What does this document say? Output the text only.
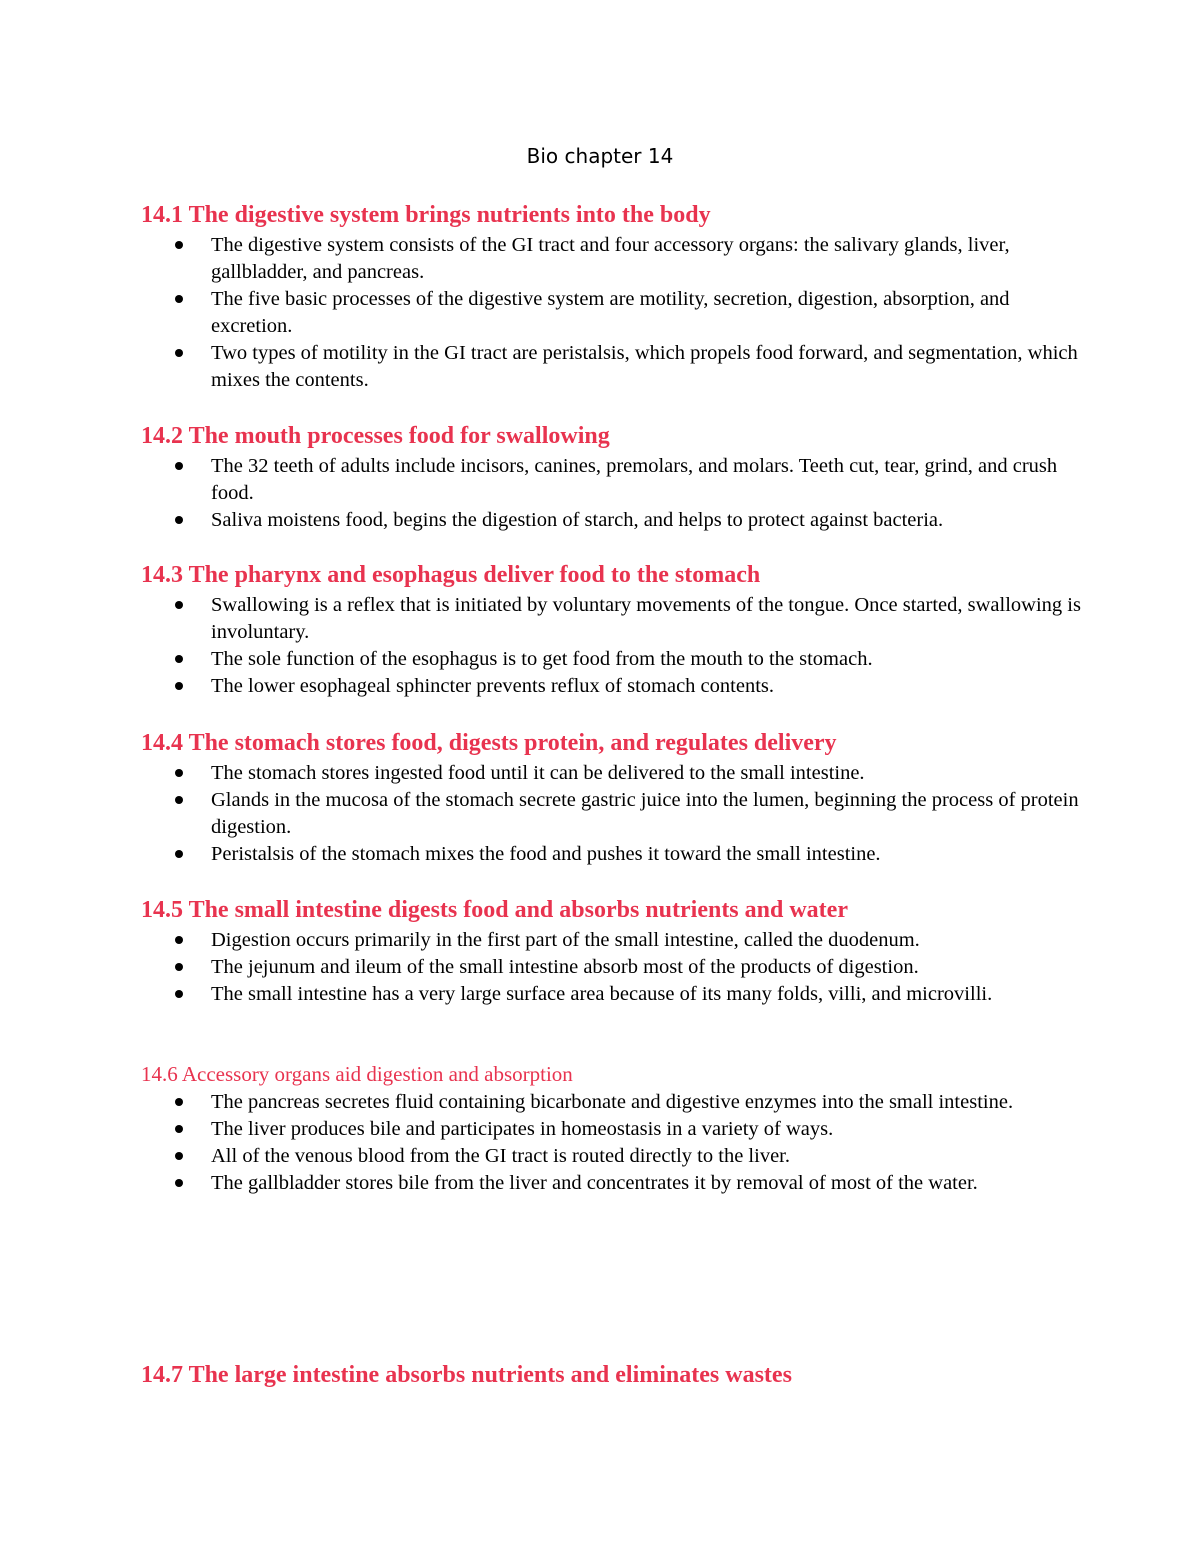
Bio chapter 14
14.1 The digestive system brings nutrients into the body
The digestive system consists of the GI tract and four accessory organs: the salivary glands, liver, gallbladder, and pancreas.
The five basic processes of the digestive system are motility, secretion, digestion, absorption, and excretion.
Two types of motility in the GI tract are peristalsis, which propels food forward, and segmentation, which mixes the contents.
14.2 The mouth processes food for swallowing
The 32 teeth of adults include incisors, canines, premolars, and molars. Teeth cut, tear, grind, and crush food.
Saliva moistens food, begins the digestion of starch, and helps to protect against bacteria.
14.3 The pharynx and esophagus deliver food to the stomach
Swallowing is a reflex that is initiated by voluntary movements of the tongue. Once started, swallowing is involuntary.
The sole function of the esophagus is to get food from the mouth to the stomach.
The lower esophageal sphincter prevents reflux of stomach contents.
14.4 The stomach stores food, digests protein, and regulates delivery
The stomach stores ingested food until it can be delivered to the small intestine.
Glands in the mucosa of the stomach secrete gastric juice into the lumen, beginning the process of protein digestion.
Peristalsis of the stomach mixes the food and pushes it toward the small intestine.
14.5 The small intestine digests food and absorbs nutrients and water
Digestion occurs primarily in the first part of the small intestine, called the duodenum.
The jejunum and ileum of the small intestine absorb most of the products of digestion.
The small intestine has a very large surface area because of its many folds, villi, and microvilli.
14.6 Accessory organs aid digestion and absorption
The pancreas secretes fluid containing bicarbonate and digestive enzymes into the small intestine.
The liver produces bile and participates in homeostasis in a variety of ways.
All of the venous blood from the GI tract is routed directly to the liver.
The gallbladder stores bile from the liver and concentrates it by removal of most of the water.
14.7 The large intestine absorbs nutrients and eliminates wastes
